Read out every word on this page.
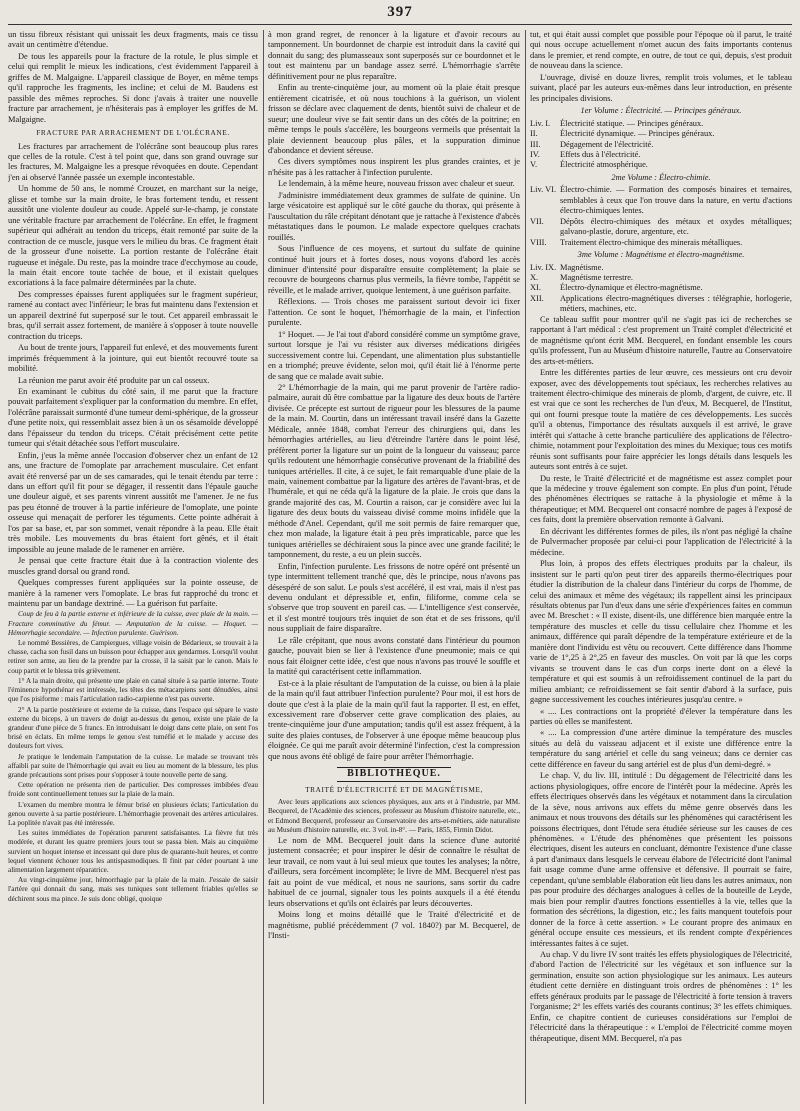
397

un tissu fibreux résistant qui unissait les deux fragments, mais ce tissu avait un centimètre d'étendue.

De tous les appareils pour la fracture de la rotule, le plus simple et celui qui remplit le mieux les indications, c'est évidemment l'appareil à griffes de M. Malgaigne. L'appareil classique de Boyer, en même temps qu'il rapproche les fragments, les incline; et celui de M. Baudens est passible des mêmes reproches. Si donc j'avais à traiter une nouvelle fracture par arrachement, je n'hésiterais pas à employer les griffes de M. Malgaigne.

FRACTURE PAR ARRACHEMENT DE L'OLÉCRANE.

Les fractures par arrachement de l'olécrâne sont beaucoup plus rares que celles de la rotule. C'est à tel point que, dans son grand ouvrage sur les fractures, M. Malgaigne les a presque révoquées en doute. Cependant j'en ai observé l'année passée un exemple incontestable.

Un homme de 50 ans, le nommé Crouzet, en marchant sur la neige, glisse et tombe sur la main droite, le bras fortement tendu, et ressent aussitôt une violente douleur au coude. Appelé sur-le-champ, je constate une véritable fracture par arrachement de l'olécrâne. En effet, le fragment supérieur qui adhérait au tendon du triceps, était remonté par suite de la contraction de ce muscle, jusque vers le milieu du bras. Ce fragment était de la grosseur d'une noisette. La portion restante de l'olécrâne était rugueuse et inégale. Du reste, pas la moindre trace d'ecchymose au coude, la main était encore toute tachée de boue, et il existait quelques excoriations à la face palmaire déterminées par la chute.

Des compresses épaisses furent appliquées sur le fragment supérieur, ramené au contact avec l'inférieur; le bras fut maintenu dans l'extension et un appareil dextriné fut superposé sur le tout. Cet appareil embrassait le bras, qu'il serrait assez fortement, de manière à s'opposer à toute nouvelle contraction du triceps.

Au bout de trente jours, l'appareil fut enlevé, et des mouvements furent imprimés fréquemment à la jointure, qui eut bientôt recouvré toute sa mobilité.

La réunion me parut avoir été produite par un cal osseux.

En examinant le cubitus du côté sain, il me parut que la fracture pouvait parfaitement s'expliquer par la conformation du membre. En effet, l'olécrâne paraissait surmonté d'une tumeur demi-sphérique, de la grosseur d'une petite noix, qui ressemblait assez bien à un os sésamoïde développé dans l'épaisseur du tendon du triceps. C'était précisément cette petite tumeur qui s'était détachée sous l'effort musculaire.

Enfin, j'eus la même année l'occasion d'observer chez un enfant de 12 ans, une fracture de l'omoplate par arrachement musculaire. Cet enfant avait été renversé par un de ses camarades, qui le tenait étendu par terre : dans un effort qu'il fit pour se dégager, il ressentit dans l'épaule gauche une douleur aiguë, et ses parents vinrent aussitôt me l'amener. Je ne fus pas peu étonné de trouver à la partie inférieure de l'omoplate, une pointe osseuse qui menaçait de perforer les téguments. Cette pointe adhérait à l'os par sa base, et, par son sommet, venait répondre à la peau. Elle était très mobile. Les mouvements du bras étaient fort gênés, et il était impossible au jeune malade de le ramener en arrière.

Je pensai que cette fracture était due à la contraction violente des muscles grand dorsal ou grand rond.

Quelques compresses furent appliquées sur la pointe osseuse, de manière à la ramener vers l'omoplate. Le bras fut rapproché du tronc et maintenu par un bandage dextriné. — La guérison fut parfaite.

Coup de feu à la partie externe et inférieure de la cuisse, avec plaie de la main. — Fracture comminutive du fémur. — Amputation de la cuisse. — Hoquet. — Hémorrhagie secondaire. — Infection purulente. Guérison.

Le nommé Bessières, de Campiergues, village voisin de Bédarieux, se trouvait à la chasse, cacha son fusil dans un buisson pour échapper aux gendarmes. Lorsqu'il voulut retirer son arme, au lieu de la prendre par la crosse, il la saisit par le canon. Mais le coup partit et le blessa très grièvement.

1° A la main droite, qui présente une plaie en canal située à sa partie interne. Toute l'éminence hypothénar est intéressée, les têtes des métacarpiens sont dénudées, ainsi que l'os pisiforme : mais l'articulation radio-carpienne n'est pas ouverte.

2° A la partie postérieure et externe de la cuisse, dans l'espace qui sépare le vaste externe du biceps, à un travers de doigt au-dessus du genou, existe une plaie de la grandeur d'une pièce de 5 francs. En introduisant le doigt dans cette plaie, on sent l'os brisé en éclats. En même temps le genou s'est tuméfié et le malade y accuse des douleurs fort vives.

Je pratique le lendemain l'amputation de la cuisse. Le malade se trouvant très affaibli par suite de l'hémorrhagie qui avait eu lieu au moment de la blessure, les plus grande précautions sont prises pour s'opposer à toute nouvelle perte de sang.

Cette opération ne présenta rien de particulier. Des compresses imbibées d'eau froide sont continuellement tenues sur la plaie de la main.

L'examen du membre montra le fémur brisé en plusieurs éclats; l'articulation du genou ouverte à sa partie postérieure. L'hémorrhagie provenait des artères articulaires. La poplitée n'avait pas été intéressée.

Les suites immédiates de l'opération parurent satisfaisantes. La fièvre fut très modérée, et durant les quatre premiers jours tout se passa bien. Mais au cinquième survient un hoquet intense et incessant qui dure plus de quarante-huit heures, et contre lequel viennent échouer tous les antispasmodiques. Il finit par céder pourtant à une alimentation largement réparatrice.

Au vingt-cinquième jour, hémorrhagie par la plaie de la main. J'essaie de saisir l'artère qui donnait du sang, mais ses tuniques sont tellement friables qu'elles se déchirent sous ma pince. Je suis donc obligé, quoique

à mon grand regret, de renoncer à la ligature et d'avoir recours au tamponnement. Un bourdonnet de charpie est introduit dans la cavité qui donnait du sang; des plumasseaux sont superposés sur ce bourdonnet et le tout est maintenu par un bandage assez serré. L'hémorrhagie s'arrête définitivement pour ne plus reparaître.

Enfin au trente-cinquième jour, au moment où la plaie était presque entièrement cicatrisée, et où nous touchions à la guérison, un violent frisson se déclare avec claquement de dents, bientôt suivi de chaleur et de sueur; une douleur vive se fait sentir dans un des côtés de la poitrine; en même temps le pouls s'accélère, les bourgeons vermeils que présentait la plaie deviennent beaucoup plus pâles, et la suppuration diminue d'abondance et devient séreuse.

Ces divers symptômes nous inspirent les plus grandes craintes, et je n'hésite pas à les rattacher à l'infection purulente.

Le lendemain, à la même heure, nouveau frisson avec chaleur et sueur.

J'administre immédiatement deux grammes de sulfate de quinine. Un large vésicatoire est appliqué sur le côté gauche du thorax, qui présente à l'auscultation du râle crépitant dénotant que je rattache à l'existence d'abcès métastatiques dans le poumon. Le malade expectore quelques crachats rouillés.

Sous l'influence de ces moyens, et surtout du sulfate de quinine continué huit jours et à fortes doses, nous voyons d'abord les accès diminuer d'intensité pour disparaître ensuite complètement; la plaie se recouvre de bourgeons charnus plus vermeils, la fièvre tombe, l'appétit se réveille, et le malade arriver, quoique lentement, à une guérison parfaite.

Réflexions. — Trois choses me paraissent surtout devoir ici fixer l'attention. Ce sont le hoquet, l'hémorrhagie de la main, et l'infection purulente.

1° Hoquet. — Je l'ai tout d'abord considéré comme un symptôme grave, surtout lorsque je l'ai vu résister aux diverses médications dirigées successivement contre lui. Cependant, une alimentation plus substantielle en a triomphé; preuve évidente, selon moi, qu'il était lié à l'énorme perte de sang que ce malade avait subie.

2° L'hémorrhagie de la main, qui me parut provenir de l'artère radio-palmaire, aurait dû être combattue par la ligature des deux bouts de l'artère divisée. Ce précepte est surtout de rigueur pour les blessures de la paume de la main. M. Courtin, dans un intéressant travail inséré dans la Gazette Médicale, année 1848, combat l'erreur des chirurgiens qui, dans les hémorrhagies artérielles, au lieu d'étreindre l'artère dans le point lésé, préfèrent porter la ligature sur un point de la longueur du vaisseau; parce qu'ils redoutent une hémorrhagie consécutive provenant de la friabilité des tuniques artérielles. Il cite, à ce sujet, le fait remarquable d'une plaie de la main, vainement combattue par la ligature des artères de l'avant-bras, et de l'humérale, et qui ne céda qu'à la ligature de la plaie. Je crois que dans la grande majorité des cas, M. Courtin a raison, car je considère avec lui la ligature des deux bouts du vaisseau divisé comme moins infidèle que la méthode d'Anel. Cependant, qu'il me soit permis de faire remarquer que, chez mon malade, la ligature était à peu près impraticable, parce que les tuniques artérielles se déchiraient sous la pince avec une grande facilité; le tamponnement, du reste, a eu un plein succès.

Enfin, l'infection purulente. Les frissons de notre opéré ont présenté un type intermittent tellement tranché que, dès le principe, nous n'avons pas désespéré de son salut. Le pouls s'est accéléré, il est vrai, mais il n'est pas devenu ondulant et dépressible et, enfin, filiforme, comme cela se s'observe que trop souvent en pareil cas. — L'intelligence s'est conservée, et il s'est montré toujours très inquiet de son état et de ses frissons, qu'il nous suppliait de faire disparaître.

Le râle crépitant, que nous avons constaté dans l'intérieur du poumon gauche, pouvait bien se lier à l'existence d'une pneumonie; mais ce qui nous fait éloigner cette idée, c'est que nous n'avons pas trouvé le souffle et la matité qui caractérisent cette inflammation.

Est-ce à la plaie résultant de l'amputation de la cuisse, ou bien à la plaie de la main qu'il faut attribuer l'infection purulente? Pour moi, il est hors de doute que c'est à la plaie de la main qu'il faut la rapporter. Il est, en effet, excessivement rare d'observer cette grave complication des plaies, au trente-cinquième jour d'une amputation; tandis qu'il est assez fréquent, à la suite des plaies contuses, de l'observer à une époque même beaucoup plus éloignée. Ce qui me paraît avoir déterminé l'infection, c'est la compression que nous avons été obligé de faire pour arrêter l'hémorrhagie.

BIBLIOTHÈQUE.

TRAITÉ D'ÉLECTRICITÉ ET DE MAGNÉTISME,

Avec leurs applications aux sciences physiques, aux arts et à l'industrie, par MM. Becquerel, de l'Académie des sciences, professeur au Muséum d'histoire naturelle, etc., et Edmond Becquerel, professeur au Conservatoire des arts-et-métiers, aide naturaliste au Muséum d'histoire naturelle, etc. 3 vol. in-8°. — Paris, 1855, Firmin Didot.

Le nom de MM. Becquerel jouit dans la science d'une autorité justement consacrée; et pour inspirer le désir de connaître le résultat de leur travail, ce nom vaut à lui seul mieux que toutes les analyses; la nôtre, d'ailleurs, sera forcément incomplète; le livre de MM. Becquerel n'est pas fait au point de vue médical, et nous ne saurions, sans sortir du cadre habituel de ce journal, signaler tous les points auxquels il a été étendu leurs observations et qu'ils ont éclairés par leurs découvertes.

Moins long et moins détaillé que le Traité d'électricité et de magnétisme, publié précédemment (7 vol. 1840?) par M. Becquerel, de l'Insti-

tut, et qui était aussi complet que possible pour l'époque où il parut, le traité qui nous occupe actuellement n'omet aucun des faits importants contenus dans le premier, et rend compte, en outre, de tout ce qui, depuis, s'est produit de nouveau dans la science.

L'ouvrage, divisé en douze livres, remplit trois volumes, et le tableau suivant, placé par les auteurs eux-mêmes dans leur introduction, en présente les principales divisions.

1er Volume : Électricité. — Principes généraux.

Liv. I. Électricité statique. — Principes généraux.

II.	Électricité dynamique. — Principes généraux.

III. Dégagement de l'électricité.

IV. Effets dus à l'électricité.

V.	Électricité atmosphérique.

2me Volume : Électro-chimie.

Liv. VI. Électro-chimie. — Formation des composés binaires et ternaires, semblables à ceux que l'on trouve dans la nature, en vertu d'actions électro-chimiques lentes.

VII. Dépôts électro-chimiques des métaux et oxydes métalliques; galvano-plastie, dorure, argenture, etc.

VIII. Traitement électro-chimique des minerais métalliques.

3me Volume : Magnétisme et électro-magnétisme.

Liv. IX. Magnétisme.

X.	Magnétisme terrestre.

XI. Électro-dynamique et électro-magnétisme.

XII. Applications électro-magnétiques diverses : télégraphie, horlogerie, métiers, machines, etc.

Ce tableau suffit pour montrer qu'il ne s'agit pas ici de recherches se rapportant à l'art médical : c'est proprement un Traité complet d'électricité et de magnétisme qu'ont écrit MM. Becquerel, en fondant ensemble les cours qu'ils professent, l'un au Muséum d'histoire naturelle, l'autre au Conservatoire des arts-et-métiers.

Entre les différentes parties de leur œuvre, ces messieurs ont cru devoir exposer, avec des développements tout spéciaux, les recherches relatives au traitement électro-chimique des minerais de plomb, d'argent, de cuivre, etc. Il est vrai que ce sont les recherches de l'un d'eux, M. Becquerel, de l'Institut, qui ont fourni presque toute la matière de ces développements. Les succès qu'il a obtenus, l'importance des résultats auxquels il est arrivé, le grave intérêt qui s'attache à cette branche particulière des applications de l'électro-chimie, notamment pour l'exploitation des mines du Mexique; tous ces motifs réunis sont suffisants pour faire apprécier les longs détails dans lesquels les auteurs sont entrés à ce sujet.

Du reste, le Traité d'électricité et de magnétisme est assez complet pour que la médecine y trouve également son compte. En plus d'un point, l'étude des phénomènes électriques se rattache à la physiologie et même à la thérapeutique; et MM. Becquerel ont consacré nombre de pages à l'exposé de ces faits, dont la première observation remonte à Galvani.

En décrivant les différentes formes de piles, ils n'ont pas négligé la chaîne de Pulvermacher proposée par celui-ci pour l'application de l'électricité à la médecine.

Plus loin, à propos des effets électriques produits par la chaleur, ils insistent sur le parti qu'on peut tirer des appareils thermo-électriques pour étudier la distribution de la chaleur dans l'intérieur du corps de l'homme, de celui des animaux et même des végétaux; ils rappellent ainsi les principaux résultats obtenus par l'un d'eux dans une série d'expériences faites en commun avec M. Breschet : « Il existe, disent-ils, une différence bien marquée entre la température des muscles et celle du tissu cellulaire chez l'homme et les animaux, différence qui paraît dépendre de la température extérieure et de la manière dont l'individu est vêtu ou recouvert. Cette différence dans l'homme varie de 1°,25 à 2°,25 en faveur des muscles. On voit par là que les corps vivants se trouvent dans le cas d'un corps inerte dont on a élevé la température et qui est soumis à un refroidissement continuel de la part du milieu ambiant; ce refroidissement se fait sentir d'abord à la surface, puis gagne successivement les couches intérieures jusqu'au centre. »

« .... Les contractions ont la propriété d'élever la température dans les parties où elles se manifestent.

« .... La compression d'une artère diminue la température des muscles situés au delà du vaisseau adjacent et il existe une différence entre la température du sang artériel et celle du sang veineux; dans ce dernier cas cette différence en faveur du sang artériel est de plus d'un demi-degré. »

Le chap. V, du liv. III, intitulé : Du dégagement de l'électricité dans les actions physiologiques, offre encore de l'intérêt pour la médecine. Après les effets électriques observés dans les végétaux et notamment dans la circulation de la sève, nous arrivons aux effets du même genre observés dans les animaux et nous trouvons des détails sur les phénomènes qui caractérisent les poissons électriques, dont l'étude sera étudiée sérieuse sur les causes de ces phénomènes. « L'étude des phénomènes que présentent les poissons électriques, disent les auteurs en concluant, démontre l'existence d'une classe à part d'animaux dans lesquels le cerveau élabore de l'électricité dont l'animal fait usage comme d'une arme offensive et défensive. Il pourrait se faire, cependant, qu'une semblable élaboration eût lieu dans les autres animaux, non pas pour produire des décharges analogues à celles de la bouteille de Leyde, mais bien pour remplir d'autres fonctions essentielles à la vie, telles que la formation des sécrétions, la digestion, etc.; les faits manquent toutefois pour donner de la force à cette assertion. » Le courant propre des animaux en général occupe ensuite ces messieurs, et ils rendent compte d'expériences intéressantes faites à ce sujet.

Au chap. V du livre IV sont traités les effets physiologiques de l'électricité, d'abord l'action de l'électricité sur les végétaux et son influence sur la germination, ensuite son action physiologique sur les animaux. Les auteurs étudient cette dernière en distinguant trois ordres de phénomènes : 1° les effets généraux produits par le passage de l'électricité à forte tension à travers l'organisme; 2° les effets variés des courants continus; 3° les effets chimiques. Enfin, ce chapitre contient de curieuses considérations sur l'emploi de l'électricité dans la thérapeutique : « L'emploi de l'électricité comme moyen thérapeutique, disent MM. Becquerel, n'a pas
